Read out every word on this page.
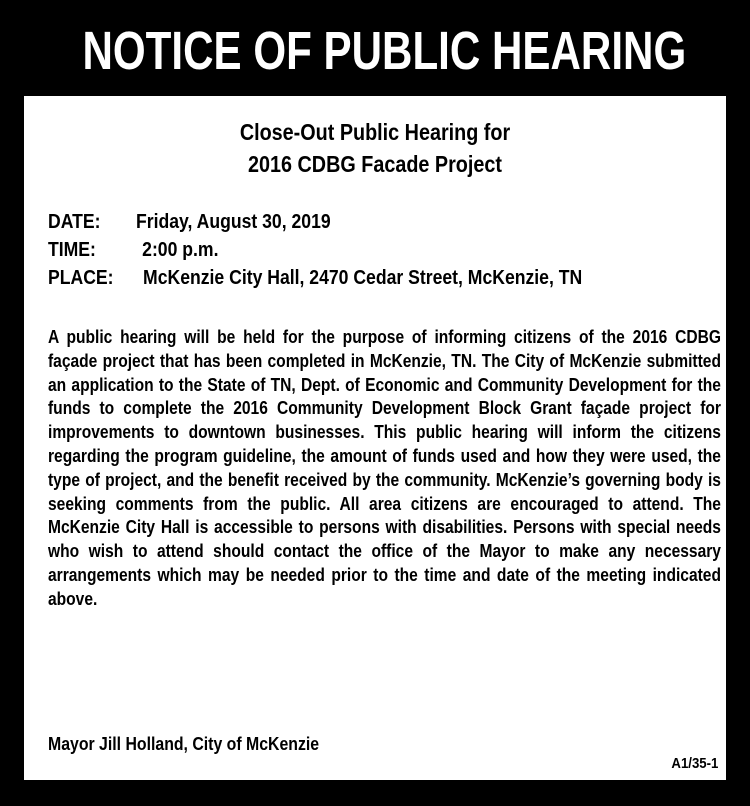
NOTICE OF PUBLIC HEARING
Close-Out Public Hearing for
2016 CDBG Facade Project
DATE:	Friday, August 30, 2019
TIME:	2:00 p.m.
PLACE:	McKenzie City Hall, 2470 Cedar Street, McKenzie, TN
A public hearing will be held for the purpose of informing citizens of the 2016 CDBG façade project that has been completed in McKenzie, TN. The City of McKenzie submitted an application to the State of TN, Dept. of Economic and Community Development for the funds to complete the 2016 Community Development Block Grant façade project for improvements to downtown businesses. This public hearing will inform the citizens regarding the program guideline, the amount of funds used and how they were used, the type of project, and the benefit received by the community. McKenzie’s governing body is seeking comments from the public. All area citizens are encouraged to attend. The McKenzie City Hall is accessible to persons with disabilities. Persons with special needs who wish to attend should contact the office of the Mayor to make any necessary arrangements which may be needed prior to the time and date of the meeting indicated above.
Mayor Jill Holland, City of McKenzie
A1/35-1
